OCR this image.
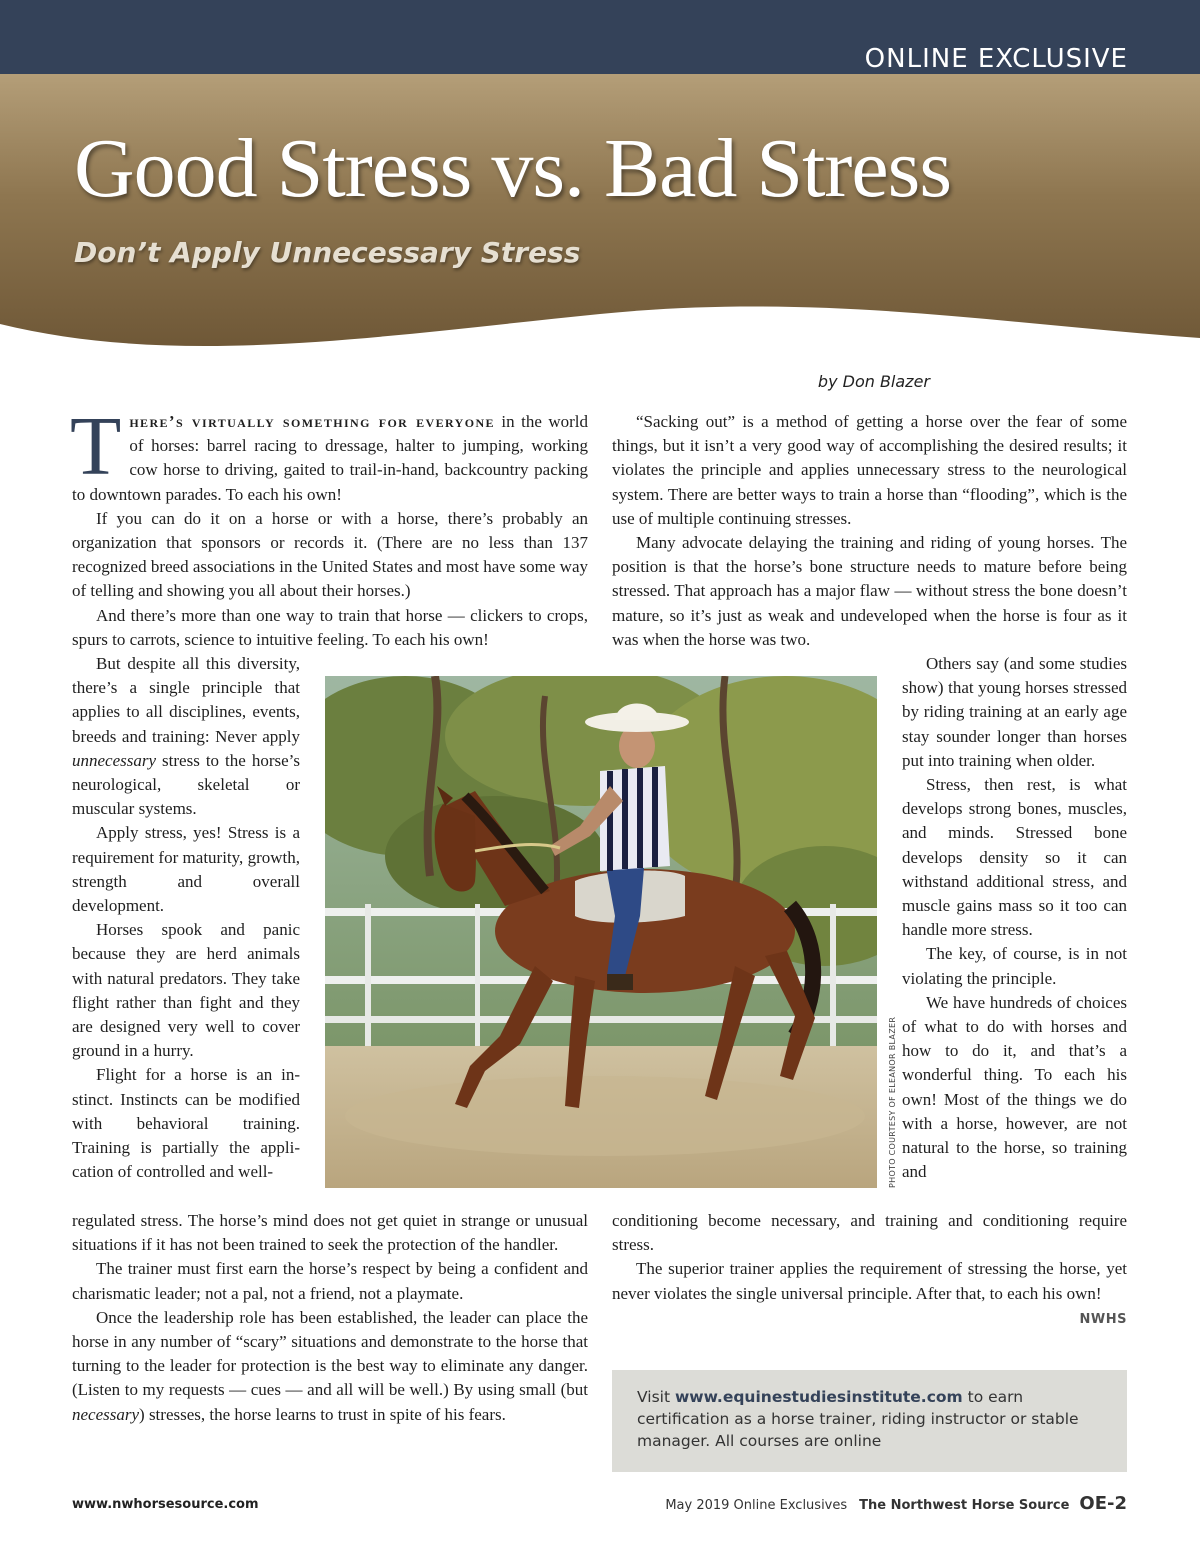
ONLINE EXCLUSIVE
Good Stress vs. Bad Stress
Don’t Apply Unnecessary Stress
by Don Blazer

There’s virtually something for everyone in the world of horses: barrel racing to dressage, halter to jumping, working cow horse to driving, gaited to trail-in-hand, backcountry packing to downtown parades. To each his own!

If you can do it on a horse or with a horse, there’s probably an organization that sponsors or records it. (There are no less than 137 recognized breed associations in the United States and most have some way of telling and showing you all about their horses.)

And there’s more than one way to train that horse — clickers to crops, spurs to carrots, science to intuitive feeling. To each his own!

But despite all this diversity, there’s a single principle that applies to all disciplines, events, breeds and training: Never apply unnecessary stress to the horse’s neurological, skeletal or muscular systems.

Apply stress, yes! Stress is a requirement for maturity, growth, strength and overall development.

Horses spook and panic because they are herd animals with natural predators. They take flight rather than fight and they are designed very well to cover ground in a hurry.

Flight for a horse is an instinct. Instincts can be modified with behavioral training. Training is partially the application of controlled and well-

regulated stress. The horse’s mind does not get quiet in strange or unusual situations if it has not been trained to seek the protection of the handler.

The trainer must first earn the horse’s respect by being a confident and charismatic leader; not a pal, not a friend, not a playmate.

Once the leadership role has been established, the leader can place the horse in any number of “scary” situations and demonstrate to the horse that turning to the leader for protection is the best way to eliminate any danger. (Listen to my requests — cues — and all will be well.) By using small (but necessary) stresses, the horse learns to trust in spite of his fears.

“Sacking out” is a method of getting a horse over the fear of some things, but it isn’t a very good way of accomplishing the desired results; it violates the principle and applies unnecessary stress to the neurological system. There are better ways to train a horse than “flooding”, which is the use of multiple continuing stresses.

Many advocate delaying the training and riding of young horses. The position is that the horse’s bone structure needs to mature before being stressed. That approach has a major flaw — without stress the bone doesn’t mature, so it’s just as weak and undeveloped when the horse is four as it was when the horse was two.

Others say (and some studies show) that young horses stressed by riding training at an early age stay sounder longer than horses put into training when older.

Stress, then rest, is what develops strong bones, muscles, and minds. Stressed bone develops density so it can withstand additional stress, and muscle gains mass so it too can handle more stress.

The key, of course, is in not violating the principle.

We have hundreds of choices of what to do with horses and how to do it, and that’s a wonderful thing. To each his own! Most of the things we do with a horse, however, are not natural to the horse, so training and

conditioning become necessary, and training and conditioning require stress.

The superior trainer applies the requirement of stressing the horse, yet never violates the single universal principle. After that, to each his own!

NWHS
PHOTO COURTESY OF ELEANOR BLAZER
Visit www.equinestudiesinstitute.com to earn certification as a horse trainer, riding instructor or stable manager. All courses are online
www.nwhorsesource.com	May 2019 Online Exclusives The Northwest Horse Source OE-2
